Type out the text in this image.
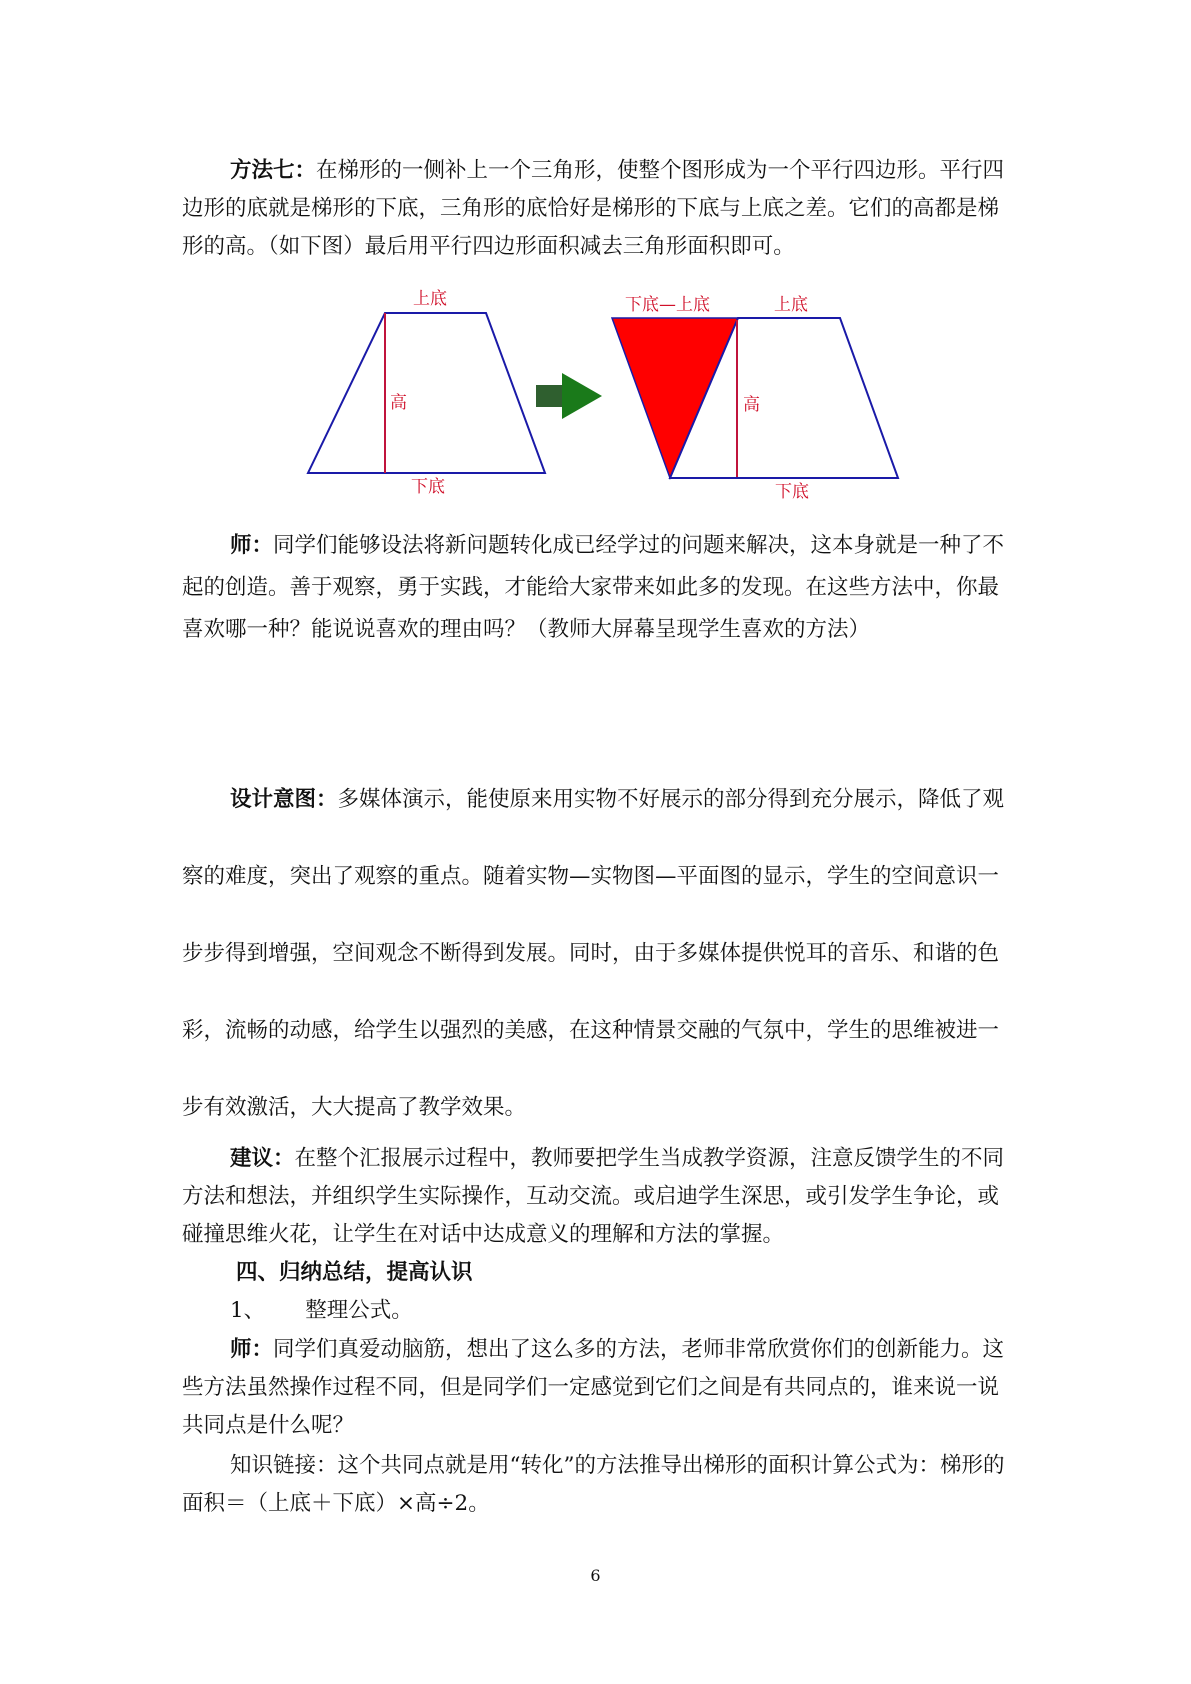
方法七：在梯形的一侧补上一个三角形，使整个图形成为一个平行四边形。平行四边形的底就是梯形的下底，三角形的底恰好是梯形的下底与上底之差。它们的高都是梯形的高。（如下图）最后用平行四边形面积减去三角形面积即可。

上底
高
下底
下底—上底	上底
高
下底

师：同学们能够设法将新问题转化成已经学过的问题来解决，这本身就是一种了不起的创造。善于观察，勇于实践，才能给大家带来如此多的发现。在这些方法中，你最喜欢哪一种？能说说喜欢的理由吗？（教师大屏幕呈现学生喜欢的方法）

设计意图：多媒体演示，能使原来用实物不好展示的部分得到充分展示，降低了观察的难度，突出了观察的重点。随着实物—实物图—平面图的显示，学生的空间意识一步步得到增强，空间观念不断得到发展。同时，由于多媒体提供悦耳的音乐、和谐的色彩，流畅的动感，给学生以强烈的美感，在这种情景交融的气氛中，学生的思维被进一步有效激活，大大提高了教学效果。

建议：在整个汇报展示过程中，教师要把学生当成教学资源，注意反馈学生的不同方法和想法，并组织学生实际操作，互动交流。或启迪学生深思，或引发学生争论，或碰撞思维火花，让学生在对话中达成意义的理解和方法的掌握。

四、归纳总结，提高认识
1、 整理公式。

师：同学们真爱动脑筋，想出了这么多的方法，老师非常欣赏你们的创新能力。这些方法虽然操作过程不同，但是同学们一定感觉到它们之间是有共同点的，谁来说一说共同点是什么呢？

知识链接：这个共同点就是用“转化”的方法推导出梯形的面积计算公式为：梯形的面积＝（上底＋下底）×高÷2。

6
